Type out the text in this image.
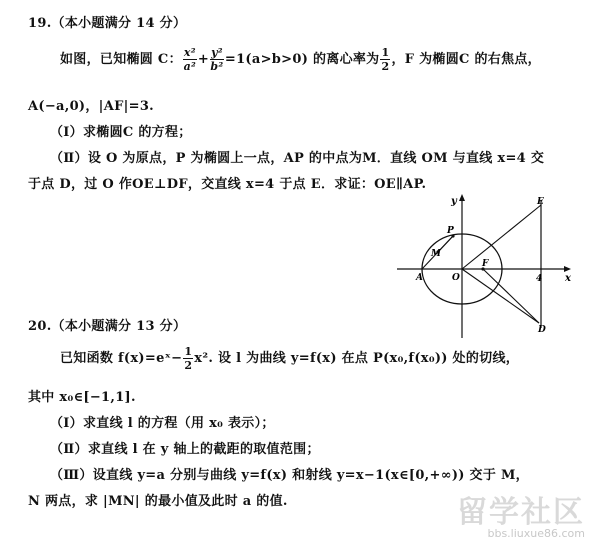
19.（本小题满分 14 分）
如图，已知椭圆 C： $\frac{\text{x²}}{\text{a²}} + \frac{\text{y²}}{\text{b²}} =1(a>b>0)$ 的离心率为 $\frac{1}{2}$ ，F 为椭圆C 的右焦点，
A(−a,0)，|AF|=3.
（Ⅰ）求椭圆C 的方程；
（Ⅱ）设 O 为原点，P 为椭圆上一点，AP 的中点为M．直线 OM 与直线 x=4 交
于点 D，过 O 作OE⊥DF，交直线 x=4 于点 E．求证：OE∥AP.
y
x
4
O
A
F
P
M
E
D
20.（本小题满分 13 分）
已知函数 f(x)=eˣ− $\frac{1}{2} x^2$. 设 l 为曲线 y=f(x) 在点 P(x₀,f(x₀)) 处的切线，
其中 x₀∈[−1,1].
（Ⅰ）求直线 l 的方程（用 x₀ 表示）；
（Ⅱ）求直线 l 在 y 轴上的截距的取值范围；
（Ⅲ）设直线 y=a 分别与曲线 y=f(x) 和射线 y=x−1(x∈[0,+∞)) 交于 M，
N 两点，求 |MN| 的最小值及此时 a 的值.	留学社区
bbs.liuxue86.com
